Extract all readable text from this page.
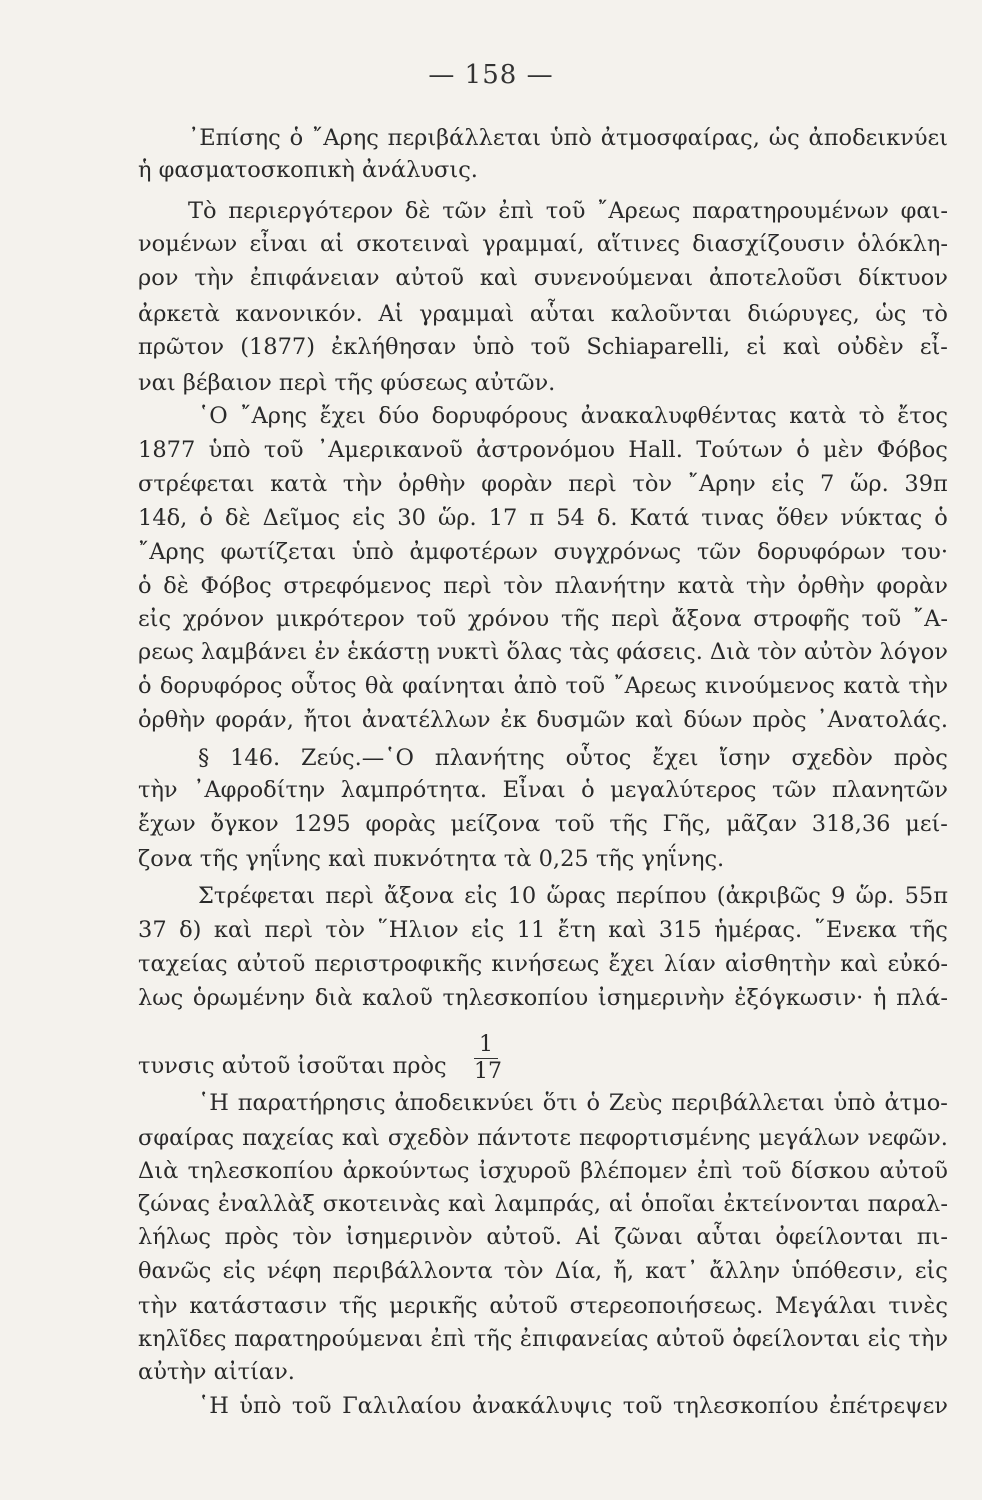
— 158 —
᾽Επίσης ὁ ῎Αρης περιβάλλεται ὑπὸ ἀτμοσφαίρας, ὡς ἀποδεικνύει
ἡ φασματοσκοπικὴ ἀνάλυσις.
Τὸ περιεργότερον δὲ τῶν ἐπὶ τοῦ ῎Αρεως παρατηρουμένων φαι-
νομένων εἶναι αἱ σκοτειναὶ γραμμαί, αἵτινες διασχίζουσιν ὁλόκλη-
ρον τὴν ἐπιφάνειαν αὐτοῦ καὶ συνενούμεναι ἀποτελοῦσι δίκτυον
ἀρκετὰ κανονικόν. Αἱ γραμμαὶ αὗται καλοῦνται διώρυγες, ὡς τὸ
πρῶτον (1877) ἐκλήθησαν ὑπὸ τοῦ Schiaparelli, εἰ καὶ οὐδὲν εἶ-
ναι βέβαιον περὶ τῆς φύσεως αὐτῶν.
῾Ο ῎Αρης ἔχει δύο δορυφόρους ἀνακαλυφθέντας κατὰ τὸ ἔτος
1877 ὑπὸ τοῦ ᾽Αμερικανοῦ ἀστρονόμου Hall. Τούτων ὁ μὲν Φόβος
στρέφεται κατὰ τὴν ὀρθὴν φορὰν περὶ τὸν ῎Αρην εἰς 7 ὥρ. 39π
14δ, ὁ δὲ Δεῖμος εἰς 30 ὥρ. 17 π 54 δ. Κατά τινας ὅθεν νύκτας ὁ
῎Αρης φωτίζεται ὑπὸ ἀμφοτέρων συγχρόνως τῶν δορυφόρων του·
ὁ δὲ Φόβος στρεφόμενος περὶ τὸν πλανήτην κατὰ τὴν ὀρθὴν φορὰν
εἰς χρόνον μικρότερον τοῦ χρόνου τῆς περὶ ἄξονα στροφῆς τοῦ ῎Α-
ρεως λαμβάνει ἐν ἑκάστῃ νυκτὶ ὅλας τὰς φάσεις. Διὰ τὸν αὐτὸν λόγον
ὁ δορυφόρος οὗτος θὰ φαίνηται ἀπὸ τοῦ ῎Αρεως κινούμενος κατὰ τὴν
ὀρθὴν φοράν, ἤτοι ἀνατέλλων ἐκ δυσμῶν καὶ δύων πρὸς ᾽Ανατολάς.
§ 146. Ζεύς.—῾Ο πλανήτης οὗτος ἔχει ἴσην σχεδὸν πρὸς
τὴν ᾽Αφροδίτην λαμπρότητα. Εἶναι ὁ μεγαλύτερος τῶν πλανητῶν
ἔχων ὄγκον 1295 φορὰς μείζονα τοῦ τῆς Γῆς, μᾶζαν 318,36 μεί-
ζονα τῆς γηΐνης καὶ πυκνότητα τὰ 0,25 τῆς γηΐνης.
Στρέφεται περὶ ἄξονα εἰς 10 ὥρας περίπου (ἀκριβῶς 9 ὥρ. 55π
37 δ) καὶ περὶ τὸν ῞Ηλιον εἰς 11 ἔτη καὶ 315 ἡμέρας. ῞Ενεκα τῆς
ταχείας αὐτοῦ περιστροφικῆς κινήσεως ἔχει λίαν αἰσθητὴν καὶ εὐκό-
λως ὁρωμένην διὰ καλοῦ τηλεσκοπίου ἰσημερινὴν ἐξόγκωσιν· ἡ πλά-
τυνσις αὐτοῦ ἰσοῦται πρὸς
῾Η παρατήρησις ἀποδεικνύει ὅτι ὁ Ζεὺς περιβάλλεται ὑπὸ ἀτμο-
σφαίρας παχείας καὶ σχεδὸν πάντοτε πεφορτισμένης μεγάλων νεφῶν.
Διὰ τηλεσκοπίου ἀρκούντως ἰσχυροῦ βλέπομεν ἐπὶ τοῦ δίσκου αὐτοῦ
ζώνας ἐναλλὰξ σκοτεινὰς καὶ λαμπράς, αἱ ὁποῖαι ἐκτείνονται παραλ-
λήλως πρὸς τὸν ἰσημερινὸν αὐτοῦ. Αἱ ζῶναι αὗται ὀφείλονται πι-
θανῶς εἰς νέφη περιβάλλοντα τὸν Δία, ἤ, κατ᾽ ἄλλην ὑπόθεσιν, εἰς
τὴν κατάστασιν τῆς μερικῆς αὐτοῦ στερεοποιήσεως. Μεγάλαι τινὲς
κηλῖδες παρατηρούμεναι ἐπὶ τῆς ἐπιφανείας αὐτοῦ ὀφείλονται εἰς τὴν
αὐτὴν αἰτίαν.
῾Η ὑπὸ τοῦ Γαλιλαίου ἀνακάλυψις τοῦ τηλεσκοπίου ἐπέτρεψεν
$\frac{1}{17}$
